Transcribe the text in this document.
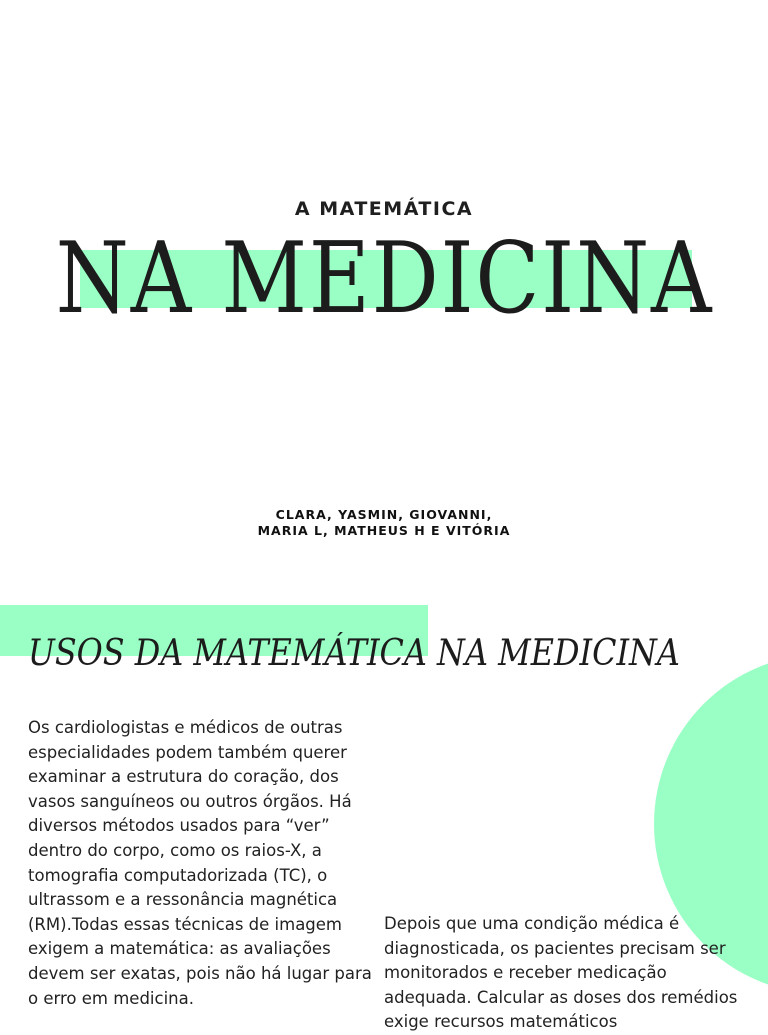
A MATEMÁTICA
NA MEDICINA
CLARA, YASMIN, GIOVANNI,
MARIA L, MATHEUS H E VITÓRIA
USOS DA MATEMÁTICA NA MEDICINA

Os cardiologistas e médicos de outras especialidades podem também querer examinar a estrutura do coração, dos vasos sanguíneos ou outros órgãos. Há diversos métodos usados para “ver” dentro do corpo, como os raios-X, a tomografia computadorizada (TC), o ultrassom e a ressonância magnética (RM).Todas essas técnicas de imagem exigem a matemática: as avaliações devem ser exatas, pois não há lugar para o erro em medicina.

Depois que uma condição médica é diagnosticada, os pacientes precisam ser monitorados e receber medicação adequada. Calcular as doses dos remédios exige recursos matemáticos
